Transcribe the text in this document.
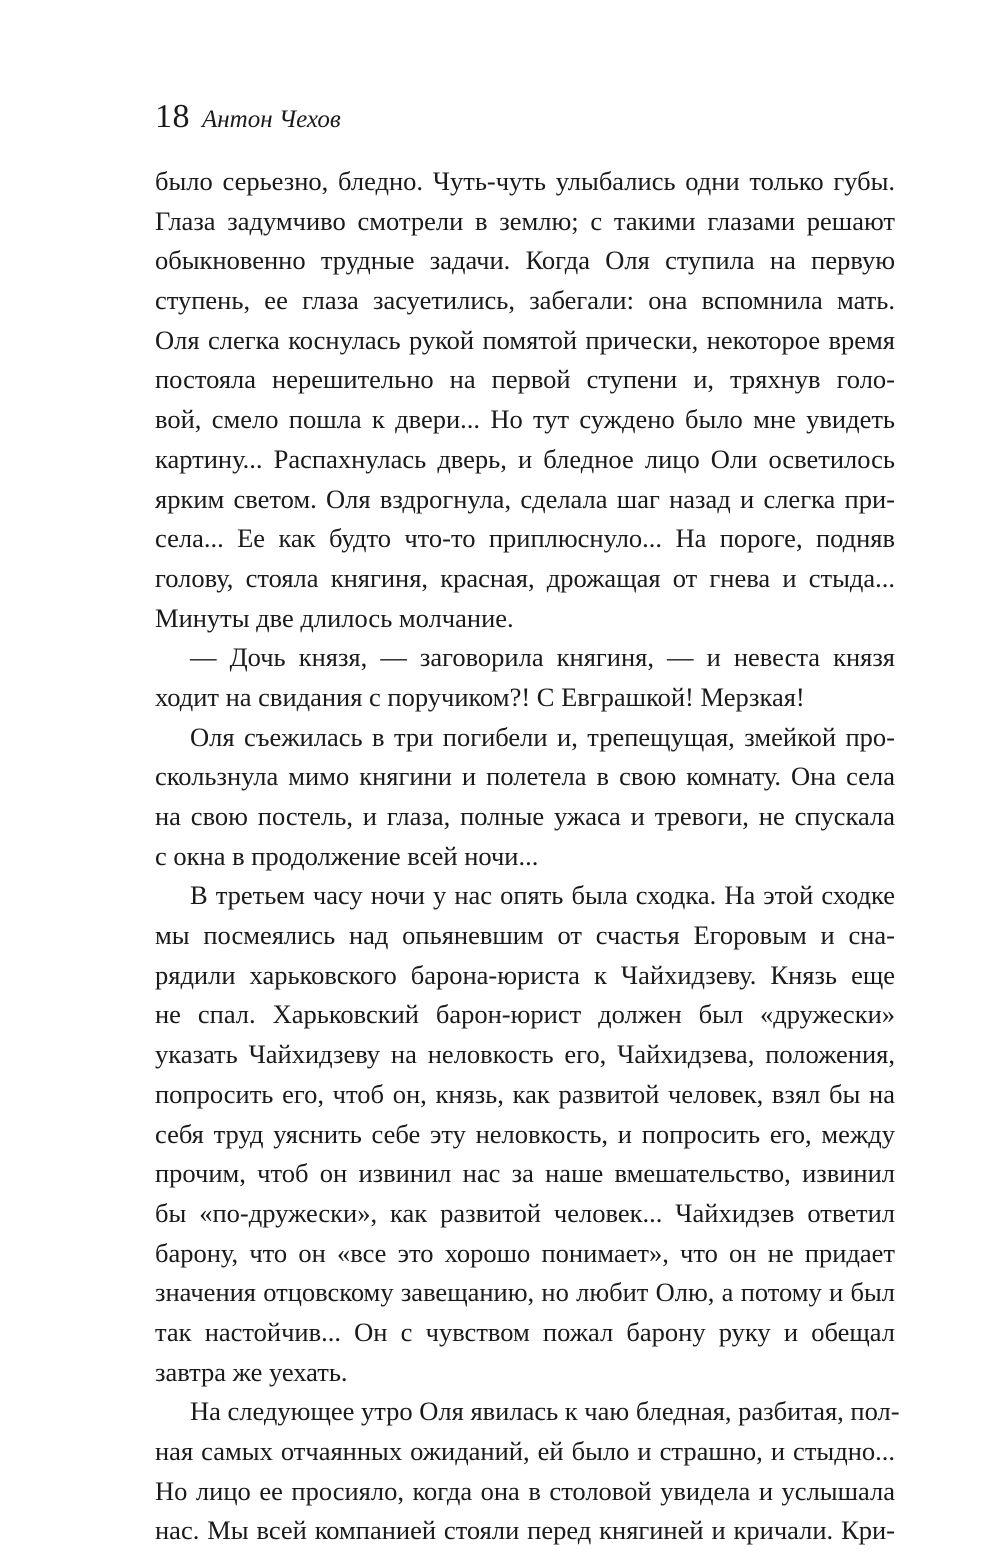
18 Антон Чехов
было серьезно, бледно. Чуть-чуть улыбались одни только губы.
Глаза задумчиво смотрели в землю; с такими глазами решают
обыкновенно трудные задачи. Когда Оля ступила на первую
ступень, ее глаза засуетились, забегали: она вспомнила мать.
Оля слегка коснулась рукой помятой прически, некоторое время
постояла нерешительно на первой ступени и, тряхнув голо-
вой, смело пошла к двери... Но тут суждено было мне увидеть
картину... Распахнулась дверь, и бледное лицо Оли осветилось
ярким светом. Оля вздрогнула, сделала шаг назад и слегка при-
села... Ее как будто что-то приплюснуло... На пороге, подняв
голову, стояла княгиня, красная, дрожащая от гнева и стыда...
Минуты две длилось молчание.
— Дочь князя, — заговорила княгиня, — и невеста князя
ходит на свидания с поручиком?! С Евграшкой! Мерзкая!
Оля съежилась в три погибели и, трепещущая, змейкой про-
скользнула мимо княгини и полетела в свою комнату. Она села
на свою постель, и глаза, полные ужаса и тревоги, не спускала
с окна в продолжение всей ночи...
В третьем часу ночи у нас опять была сходка. На этой сходке
мы посмеялись над опьяневшим от счастья Егоровым и сна-
рядили харьковского барона-юриста к Чайхидзеву. Князь еще
не спал. Харьковский барон-юрист должен был «дружески»
указать Чайхидзеву на неловкость его, Чайхидзева, положения,
попросить его, чтоб он, князь, как развитой человек, взял бы на
себя труд уяснить себе эту неловкость, и попросить его, между
прочим, чтоб он извинил нас за наше вмешательство, извинил
бы «по-дружески», как развитой человек... Чайхидзев ответил
барону, что он «все это хорошо понимает», что он не придает
значения отцовскому завещанию, но любит Олю, а потому и был
так настойчив... Он с чувством пожал барону руку и обещал
завтра же уехать.
На следующее утро Оля явилась к чаю бледная, разбитая, пол-
ная самых отчаянных ожиданий, ей было и страшно, и стыдно...
Но лицо ее просияло, когда она в столовой увидела и услышала
нас. Мы всей компанией стояли перед княгиней и кричали. Кри-
